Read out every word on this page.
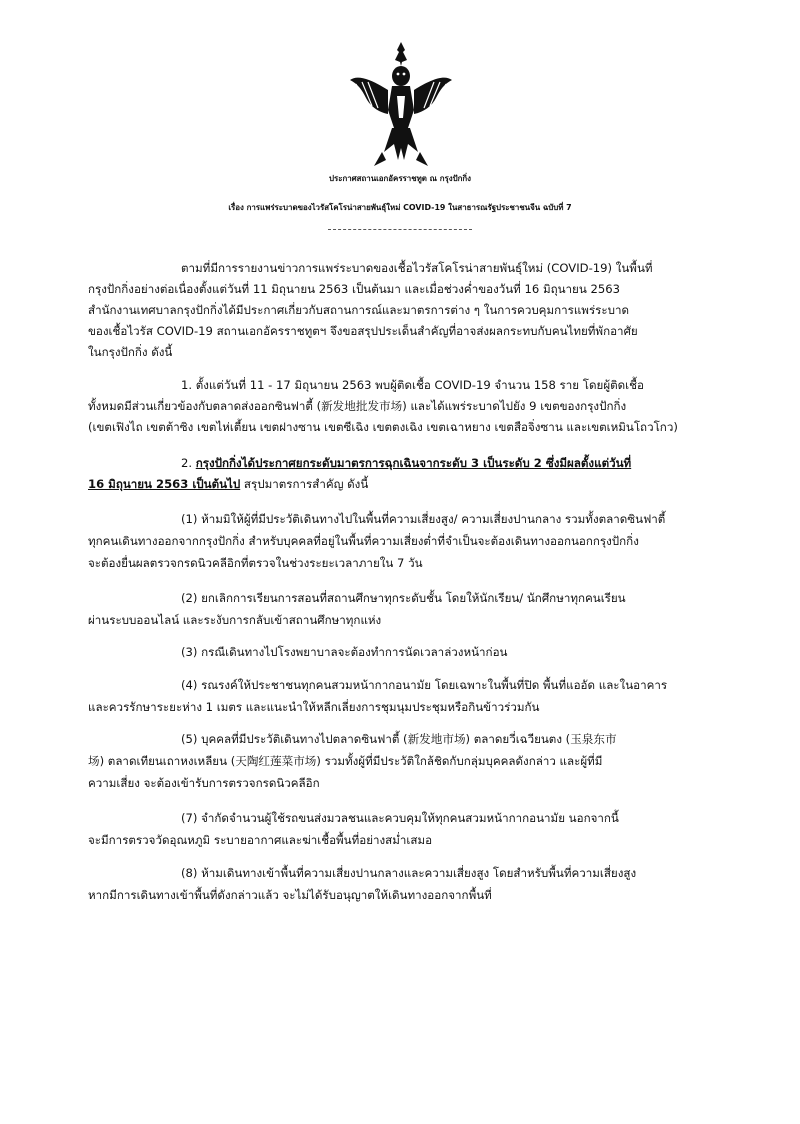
ประกาศสถานเอกอัครราชทูต ณ กรุงปักกิ่ง
เรื่อง การแพร่ระบาดของไวรัสโคโรน่าสายพันธุ์ใหม่ COVID-19 ในสาธารณรัฐประชาชนจีน ฉบับที่ 7
ตามที่มีการรายงานข่าวการแพร่ระบาดของเชื้อไวรัสโคโรน่าสายพันธุ์ใหม่ (COVID-19) ในพื้นที่
กรุงปักกิ่งอย่างต่อเนื่องตั้งแต่วันที่ 11 มิถุนายน 2563 เป็นต้นมา และเมื่อช่วงค่ำของวันที่ 16 มิถุนายน 2563
สำนักงานเทศบาลกรุงปักกิ่งได้มีประกาศเกี่ยวกับสถานการณ์และมาตรการต่าง ๆ ในการควบคุมการแพร่ระบาด
ของเชื้อไวรัส COVID-19 สถานเอกอัครราชทูตฯ จึงขอสรุปประเด็นสำคัญที่อาจส่งผลกระทบกับคนไทยที่พักอาศัย
ในกรุงปักกิ่ง ดังนี้
1. ตั้งแต่วันที่ 11 - 17 มิถุนายน 2563 พบผู้ติดเชื้อ COVID-19 จำนวน 158 ราย โดยผู้ติดเชื้อ
ทั้งหมดมีส่วนเกี่ยวข้องกับตลาดส่งออกซินฟาตี้ (新发地批发市场) และได้แพร่ระบาดไปยัง 9 เขตของกรุงปักกิ่ง
(เขตเฟิงไถ เขตต้าซิง เขตไห่เตี้ยน เขตฝางซาน เขตซีเฉิง เขตตงเฉิง เขตเฉาหยาง เขตสือจิ่งซาน และเขตเหมินโถวโกว)
2. กรุงปักกิ่งได้ประกาศยกระดับมาตรการฉุกเฉินจากระดับ 3 เป็นระดับ 2 ซึ่งมีผลตั้งแต่วันที่
16 มิถุนายน 2563 เป็นต้นไป สรุปมาตรการสำคัญ ดังนี้
(1) ห้ามมิให้ผู้ที่มีประวัติเดินทางไปในพื้นที่ความเสี่ยงสูง/ ความเสี่ยงปานกลาง รวมทั้งตลาดซินฟาตี้
ทุกคนเดินทางออกจากกรุงปักกิ่ง สำหรับบุคคลที่อยู่ในพื้นที่ความเสี่ยงต่ำที่จำเป็นจะต้องเดินทางออกนอกกรุงปักกิ่ง
จะต้องยื่นผลตรวจกรดนิวคลีอิกที่ตรวจในช่วงระยะเวลาภายใน 7 วัน
(2) ยกเลิกการเรียนการสอนที่สถานศึกษาทุกระดับชั้น โดยให้นักเรียน/ นักศึกษาทุกคนเรียน
ผ่านระบบออนไลน์ และระงับการกลับเข้าสถานศึกษาทุกแห่ง
(3) กรณีเดินทางไปโรงพยาบาลจะต้องทำการนัดเวลาล่วงหน้าก่อน
(4) รณรงค์ให้ประชาชนทุกคนสวมหน้ากากอนามัย โดยเฉพาะในพื้นที่ปิด พื้นที่แออัด และในอาคาร
และควรรักษาระยะห่าง 1 เมตร และแนะนำให้หลีกเลี่ยงการชุมนุมประชุมหรือกินข้าวร่วมกัน
(5) บุคคลที่มีประวัติเดินทางไปตลาดซินฟาตี้ (新发地市场) ตลาดยวี่เฉวียนตง (玉泉东市
场) ตลาดเทียนเถาหงเหลียน (天陶红莲菜市场) รวมทั้งผู้ที่มีประวัติใกล้ชิดกับกลุ่มบุคคลดังกล่าว และผู้ที่มี
ความเสี่ยง จะต้องเข้ารับการตรวจกรดนิวคลีอิก
(7) จำกัดจำนวนผู้ใช้รถขนส่งมวลชนและควบคุมให้ทุกคนสวมหน้ากากอนามัย นอกจากนี้
จะมีการตรวจวัดอุณหภูมิ ระบายอากาศและฆ่าเชื้อพื้นที่อย่างสม่ำเสมอ
(8) ห้ามเดินทางเข้าพื้นที่ความเสี่ยงปานกลางและความเสี่ยงสูง โดยสำหรับพื้นที่ความเสี่ยงสูง
หากมีการเดินทางเข้าพื้นที่ดังกล่าวแล้ว จะไม่ได้รับอนุญาตให้เดินทางออกจากพื้นที่
